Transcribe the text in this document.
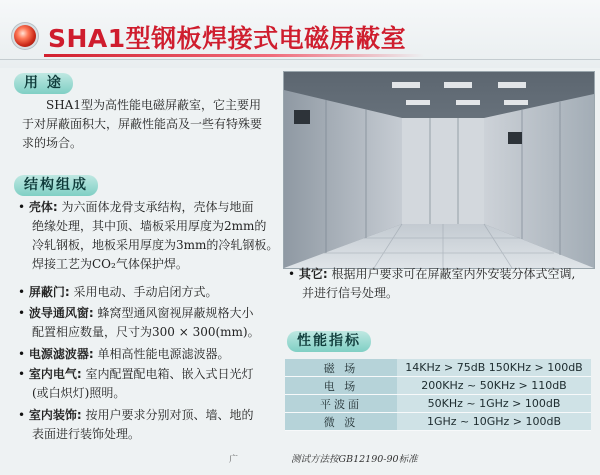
SHA1型钢板焊接式电磁屏蔽室
用 途
SHA1型为高性能电磁屏蔽室，它主要用
于对屏蔽面积大，屏蔽性能高及一些有特殊要
求的场合。
结构组成
• 壳体: 为六面体龙骨支承结构，壳体与地面
绝缘处理，其中顶、墙板采用厚度为2mm的
冷轧钢板，地板采用厚度为3mm的冷轧钢板。
焊接工艺为CO₂气体保护焊。
• 屏蔽门: 采用电动、手动启闭方式。
• 波导通风窗: 蜂窝型通风窗视屏蔽规格大小
配置相应数量，尺寸为300 × 300(mm)。
• 电源滤波器: 单相高性能电源滤波器。
• 室内电气: 室内配置配电箱、嵌入式日光灯
(或白炽灯)照明。
• 室内装饰: 按用户要求分别对顶、墙、地的
表面进行装饰处理。
• 其它: 根据用户要求可在屏蔽室内外安装分体式空调,
并进行信号处理。
性能指标
磁 场	14KHz > 75dB 150KHz > 100dB
电 场	200KHz ~ 50KHz > 110dB
平波面	50KHz ~ 1GHz > 100dB
微 波	1GHz ~ 10GHz > 100dB
测试方法按GB12190-90标准
广
